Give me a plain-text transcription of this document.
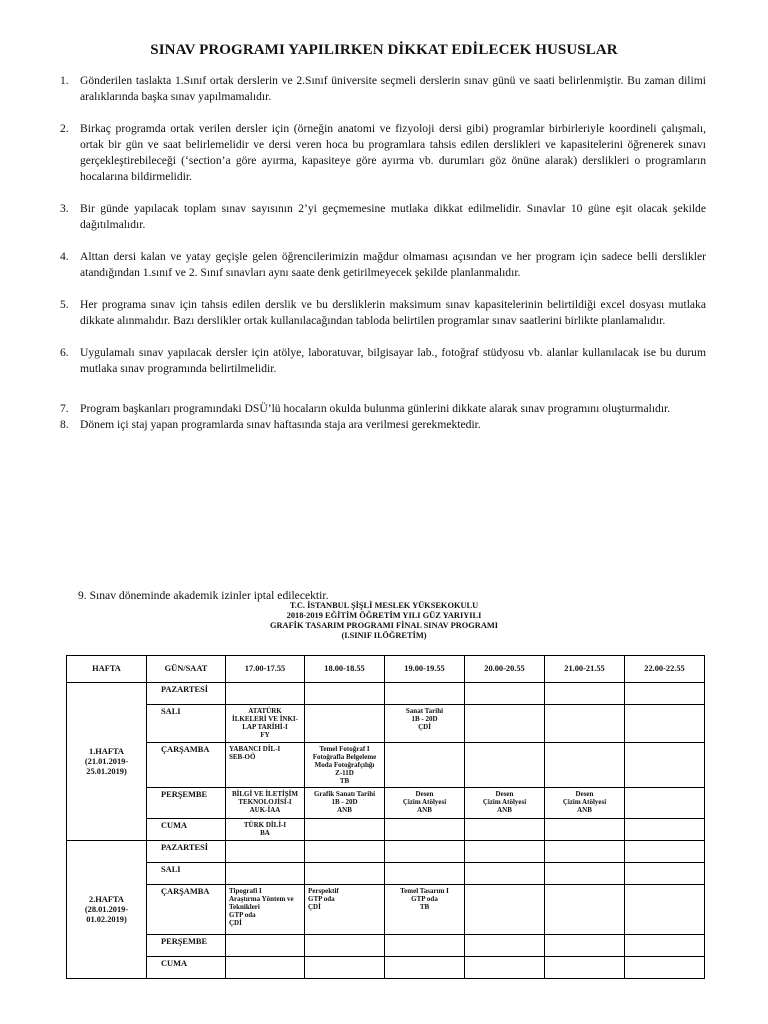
SINAV PROGRAMI YAPILIRKEN DİKKAT EDİLECEK HUSUSLAR
1. Gönderilen taslakta 1.Sınıf ortak derslerin ve 2.Sınıf üniversite seçmeli derslerin sınav günü ve saati belirlenmiştir. Bu zaman dilimi aralıklarında başka sınav yapılmamalıdır.
2. Birkaç programda ortak verilen dersler için (örneğin anatomi ve fizyoloji dersi gibi) programlar birbirleriyle koordineli çalışmalı, ortak bir gün ve saat belirlemelidir ve dersi veren hoca bu programlara tahsis edilen derslikleri ve kapasitelerini öğrenerek sınavı gerçekleştirebileceği (‘section’a göre ayırma, kapasiteye göre ayırma vb. durumları göz önüne alarak) derslikleri o programların hocalarına bildirmelidir.
3. Bir günde yapılacak toplam sınav sayısının 2’yi geçmemesine mutlaka dikkat edilmelidir. Sınavlar 10 güne eşit olacak şekilde dağıtılmalıdır.
4. Alttan dersi kalan ve yatay geçişle gelen öğrencilerimizin mağdur olmaması açısından ve her program için sadece belli derslikler atandığından 1.sınıf ve 2. Sınıf sınavları aynı saate denk getirilmeyecek şekilde planlanmalıdır.
5. Her programa sınav için tahsis edilen derslik ve bu dersliklerin maksimum sınav kapasitelerinin belirtildiği excel dosyası mutlaka dikkate alınmalıdır. Bazı derslikler ortak kullanılacağından tabloda belirtilen programlar sınav saatlerini birlikte planlamalıdır.
6. Uygulamalı sınav yapılacak dersler için atölye, laboratuvar, bilgisayar lab., fotoğraf stüdyosu vb. alanlar kullanılacak ise bu durum mutlaka sınav programında belirtilmelidir.
7. Program başkanları programındaki DSÜ’lü hocaların okulda bulunma günlerini dikkate alarak sınav programını oluşturmalıdır.
8. Dönem içi staj yapan programlarda sınav haftasında staja ara verilmesi gerekmektedir.
9. Sınav döneminde akademik izinler iptal edilecektir.
T.C. İSTANBUL ŞİŞLİ MESLEK YÜKSEKOKULU
2018-2019 EĞİTİM ÖĞRETİM YILI GÜZ YARIYILI
GRAFİK TASARIM PROGRAMI FİNAL SINAV PROGRAMI
(I.SINIF II.ÖĞRETİM)
HAFTA	GÜN/SAAT	17.00-17.55	18.00-18.55	19.00-19.55	20.00-20.55	21.00-21.55	22.00-22.55

1.HAFTA
(21.01.2019-
25.01.2019)	PAZARTESİ						
	SALI	ATATÜRK
İLKELERİ VE İNKI-
LAP TARİHİ-I
FY		Sanat Tarihi
1B - 20D
ÇDİ			

	ÇARŞAMBA	YABANCI DİL-I
SEB-OÖ	Temel Fotoğraf I
Fotoğrafla Belgeleme
Moda Fotoğrafçılığı
Z-11D
TB				

	PERŞEMBE	BİLGİ VE İLETİŞİM
TEKNOLOJİSİ-I
AUK-İAA	Grafik Sanatı Tarihi
1B - 20D
ANB	Desen
Çizim Atölyesi
ANB	Desen
Çizim Atölyesi
ANB	Desen
Çizim Atölyesi
ANB	

	CUMA	TÜRK DİLİ-I
BA					

2.HAFTA
(28.01.2019-
01.02.2019)	PAZARTESİ						
	SALI						
	ÇARŞAMBA	Tipografi I
Araştırma Yöntem ve
Teknikleri
GTP oda
ÇDİ	Perspektif
GTP oda
ÇDİ	Temel Tasarım I
GTP oda
TB			

	PERŞEMBE						
	CUMA						
